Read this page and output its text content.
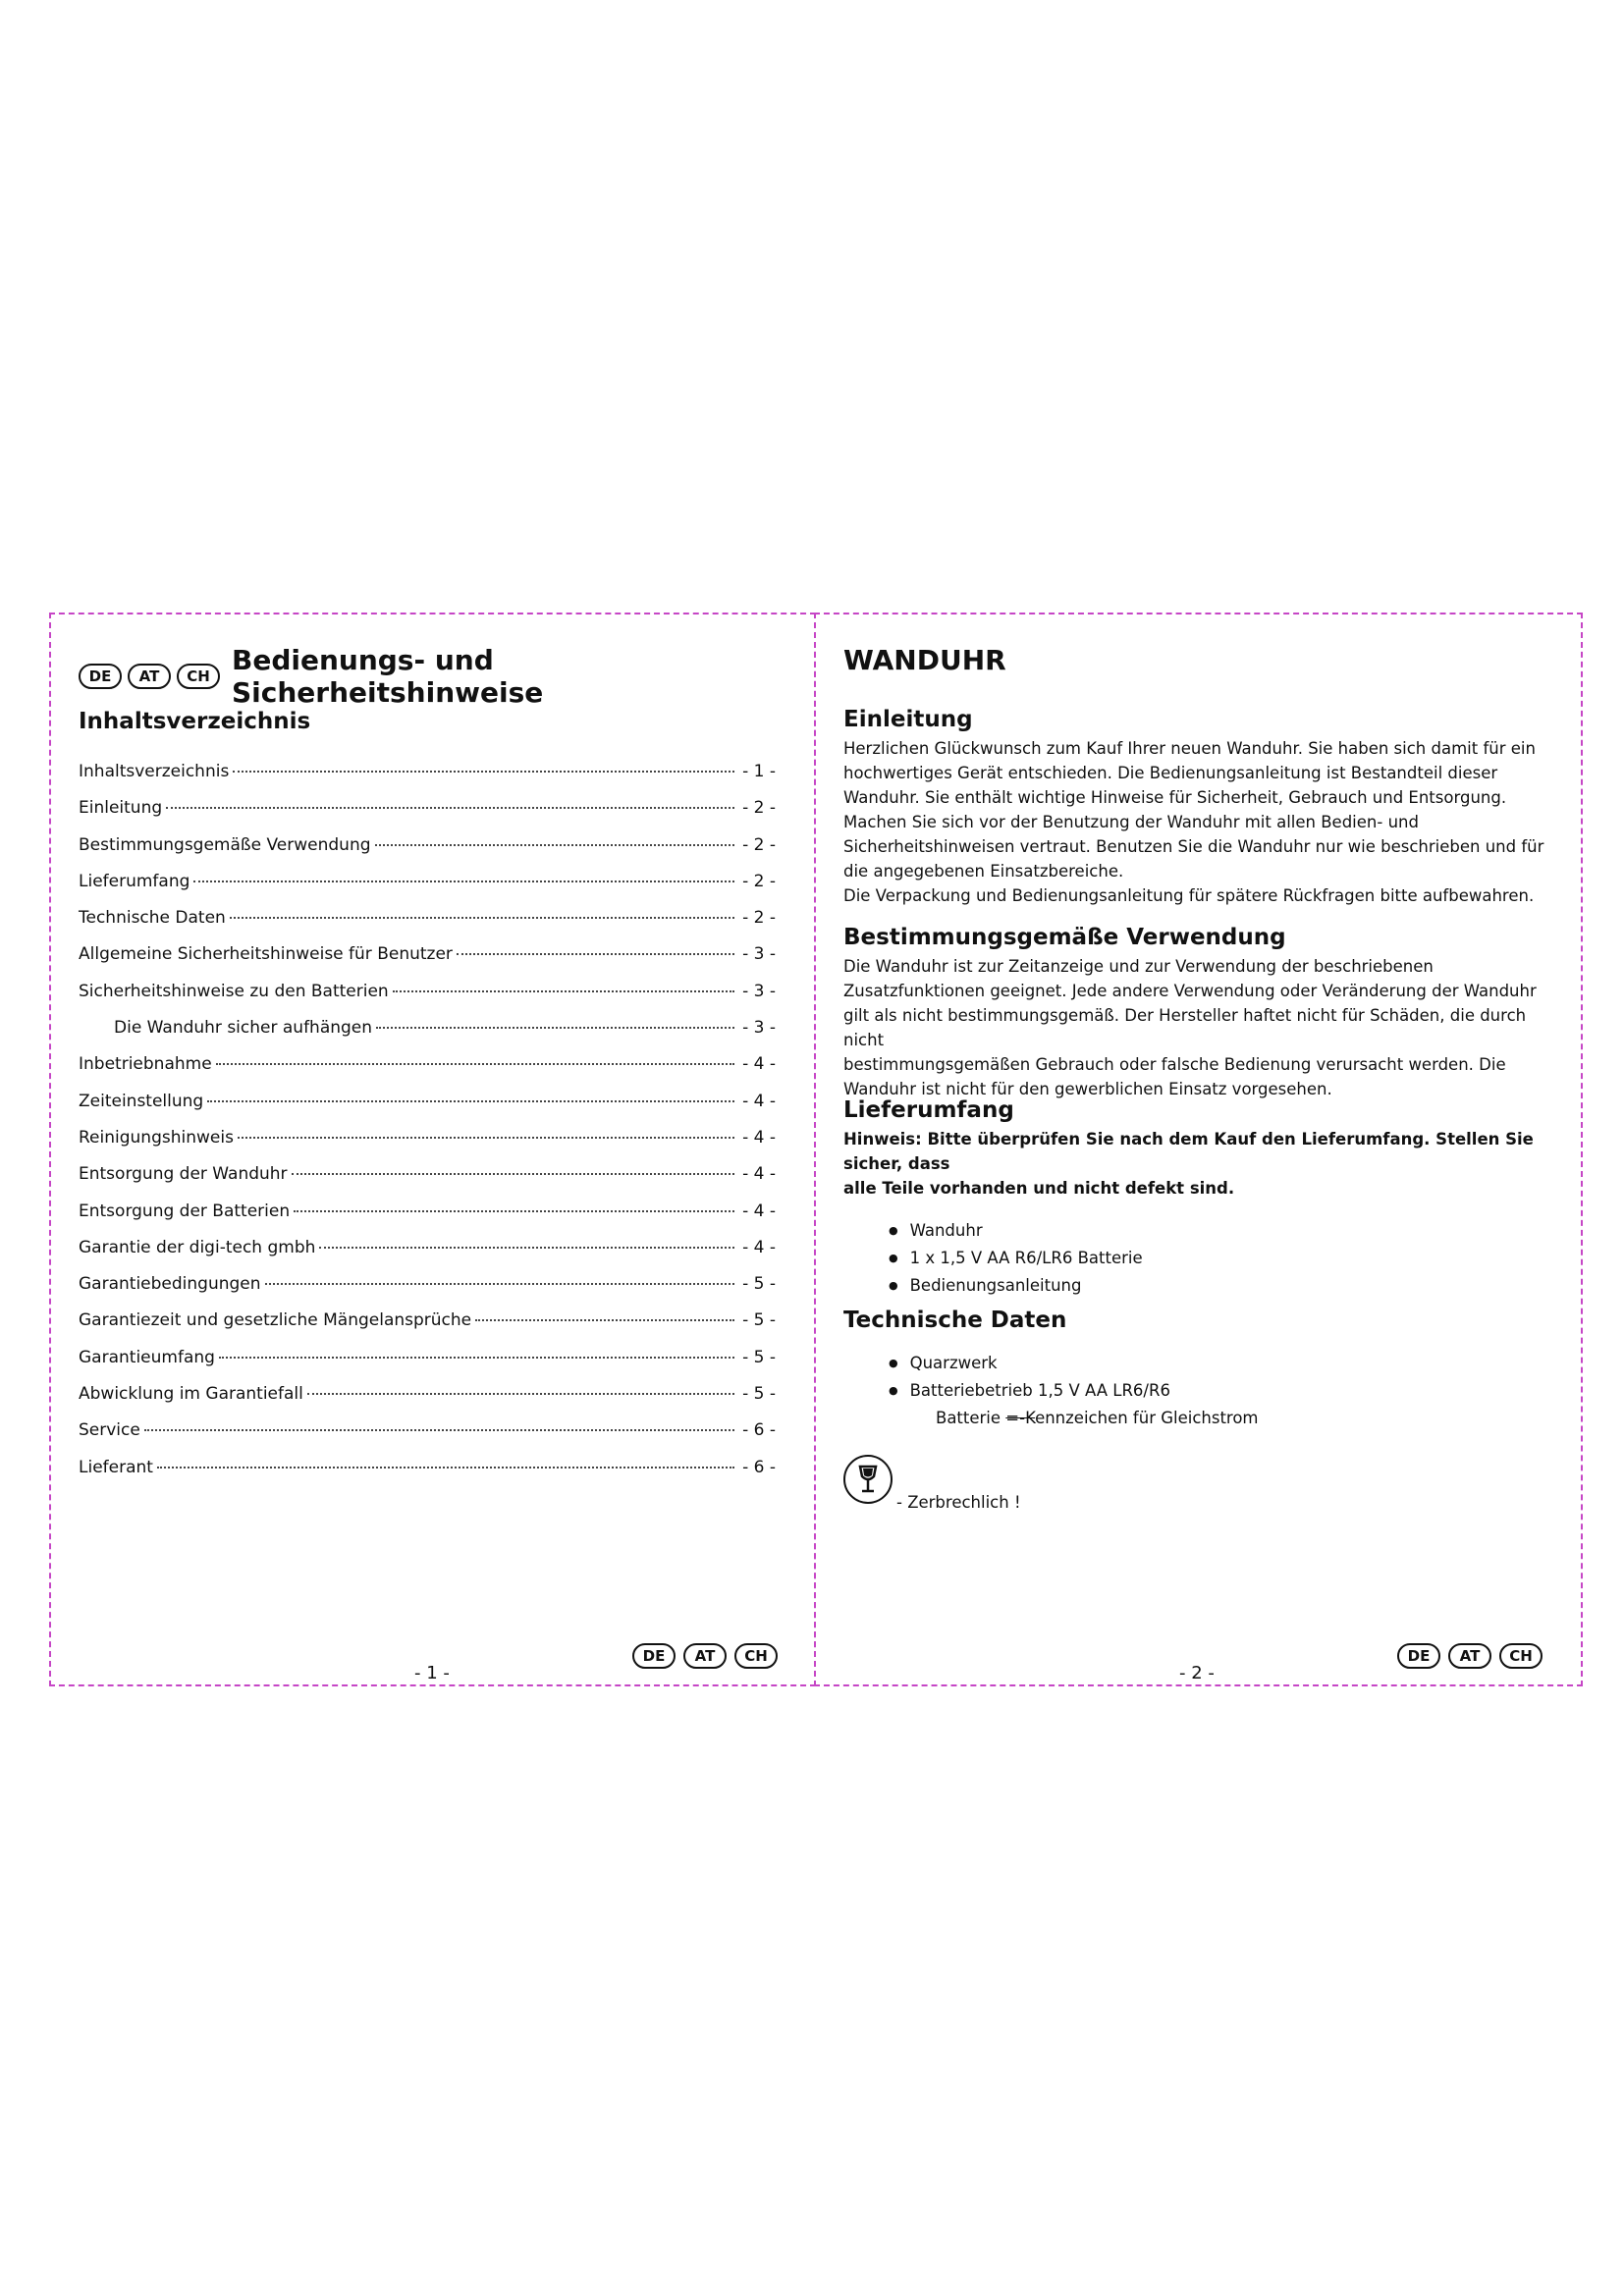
DE	AT	CH Bedienungs- und Sicherheitshinweise
Inhaltsverzeichnis
Inhaltsverzeichnis	- 1 -
Einleitung	- 2 -
Bestimmungsgemäße Verwendung	- 2 -
Lieferumfang	- 2 -
Technische Daten	- 2 -
Allgemeine Sicherheitshinweise für Benutzer	- 3 -
Sicherheitshinweise zu den Batterien	- 3 -
Die Wanduhr sicher aufhängen	- 3 -
Inbetriebnahme	- 4 -
Zeiteinstellung	- 4 -
Reinigungshinweis	- 4 -
Entsorgung der Wanduhr	- 4 -
Entsorgung der Batterien	- 4 -
Garantie der digi-tech gmbh	- 4 -
Garantiebedingungen	- 5 -
Garantiezeit und gesetzliche Mängelansprüche	- 5 -
Garantieumfang	- 5 -
Abwicklung im Garantiefall	- 5 -
Service	- 6 -
Lieferant	- 6 -
- 1 -
DE	AT	CH
WANDUHR
Einleitung

Herzlichen Glückwunsch zum Kauf Ihrer neuen Wanduhr. Sie haben sich damit für ein

hochwertiges Gerät entschieden. Die Bedienungsanleitung ist Bestandteil dieser

Wanduhr. Sie enthält wichtige Hinweise für Sicherheit, Gebrauch und Entsorgung.

Machen Sie sich vor der Benutzung der Wanduhr mit allen Bedien- und

Sicherheitshinweisen vertraut. Benutzen Sie die Wanduhr nur wie beschrieben und für

die angegebenen Einsatzbereiche.

Die Verpackung und Bedienungsanleitung für spätere Rückfragen bitte aufbewahren.

Bestimmungsgemäße Verwendung

Die Wanduhr ist zur Zeitanzeige und zur Verwendung der beschriebenen

Zusatzfunktionen geeignet. Jede andere Verwendung oder Veränderung der Wanduhr

gilt als nicht bestimmungsgemäß. Der Hersteller haftet nicht für Schäden, die durch nicht

bestimmungsgemäßen Gebrauch oder falsche Bedienung verursacht werden. Die

Wanduhr ist nicht für den gewerblichen Einsatz vorgesehen.

Lieferumfang

Hinweis: Bitte überprüfen Sie nach dem Kauf den Lieferumfang. Stellen Sie sicher, dass

alle Teile vorhanden und nicht defekt sind.

● Wanduhr
● 1 x 1,5 V AA R6/LR6 Batterie
● Bedienungsanleitung
Technische Daten
● Quarzwerk
● Batteriebetrieb 1,5 V AA LR6/R6
Batterie =-Kennzeichen für Gleichstrom
- Zerbrechlich !
- 2 -
DE	AT	CH
